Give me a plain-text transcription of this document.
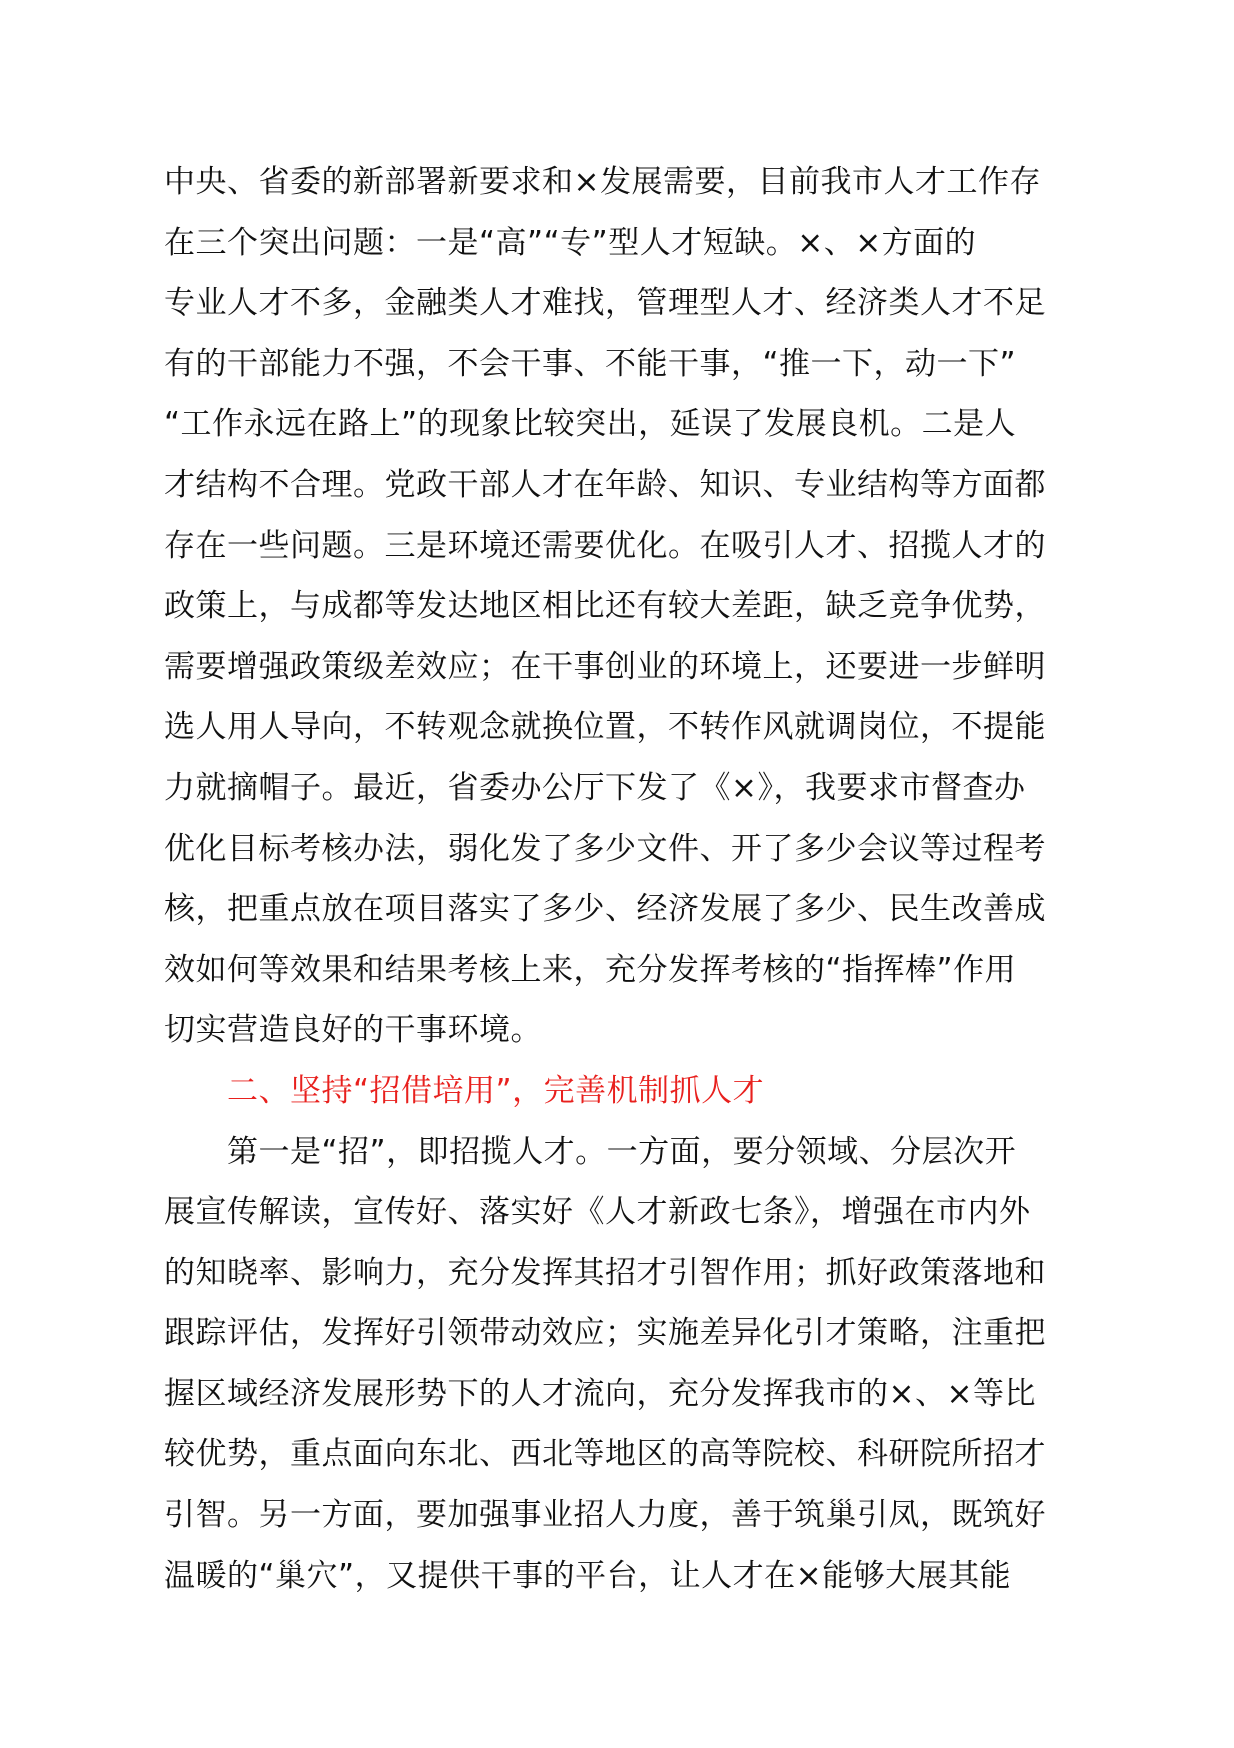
中央、省委的新部署新要求和×发展需要，目前我市人才工作存
在三个突出问题：一是“高”“专”型人才短缺。×、×方面的
专业人才不多，金融类人才难找，管理型人才、经济类人才不足
有的干部能力不强，不会干事、不能干事，“推一下，动一下”
“工作永远在路上”的现象比较突出，延误了发展良机。二是人
才结构不合理。党政干部人才在年龄、知识、专业结构等方面都
存在一些问题。三是环境还需要优化。在吸引人才、招揽人才的
政策上，与成都等发达地区相比还有较大差距，缺乏竞争优势，
需要增强政策级差效应；在干事创业的环境上，还要进一步鲜明
选人用人导向，不转观念就换位置，不转作风就调岗位，不提能
力就摘帽子。最近，省委办公厅下发了《×》，我要求市督查办
优化目标考核办法，弱化发了多少文件、开了多少会议等过程考
核，把重点放在项目落实了多少、经济发展了多少、民生改善成
效如何等效果和结果考核上来，充分发挥考核的“指挥棒”作用
切实营造良好的干事环境。
二、坚持“招借培用”，完善机制抓人才
第一是“招”，即招揽人才。一方面，要分领域、分层次开
展宣传解读，宣传好、落实好《人才新政七条》，增强在市内外
的知晓率、影响力，充分发挥其招才引智作用；抓好政策落地和
跟踪评估，发挥好引领带动效应；实施差异化引才策略，注重把
握区域经济发展形势下的人才流向，充分发挥我市的×、×等比
较优势，重点面向东北、西北等地区的高等院校、科研院所招才
引智。另一方面，要加强事业招人力度，善于筑巢引凤，既筑好
温暖的“巢穴”，又提供干事的平台，让人才在×能够大展其能
